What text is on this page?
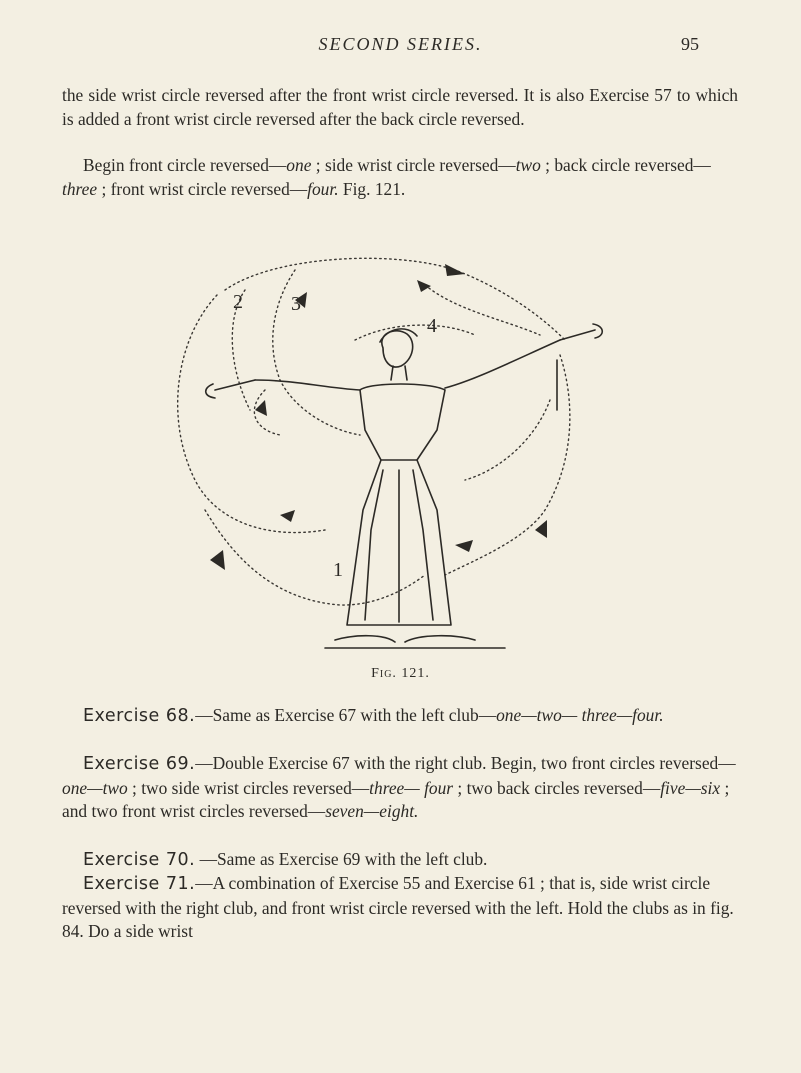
SECOND SERIES.	95

the side wrist circle reversed after the front wrist circle reversed. It is also Exercise 57 to which is added a front wrist circle reversed after the back circle reversed.

Begin front circle reversed—one ; side wrist circle reversed—two ; back circle reversed—three ; front wrist circle reversed—four. Fig. 121.

2 3
4
1
Fig. 121.

Exercise 68.—Same as Exercise 67 with the left club—one—two— three—four.

Exercise 69.—Double Exercise 67 with the right club. Begin, two front circles reversed—one—two ; two side wrist circles reversed—three— four ; two back circles reversed—five—six ; and two front wrist circles reversed—seven—eight.

Exercise 70. —Same as Exercise 69 with the left club.

Exercise 71.—A combination of Exercise 55 and Exercise 61 ; that is, side wrist circle reversed with the right club, and front wrist circle reversed with the left. Hold the clubs as in fig. 84. Do a side wrist
